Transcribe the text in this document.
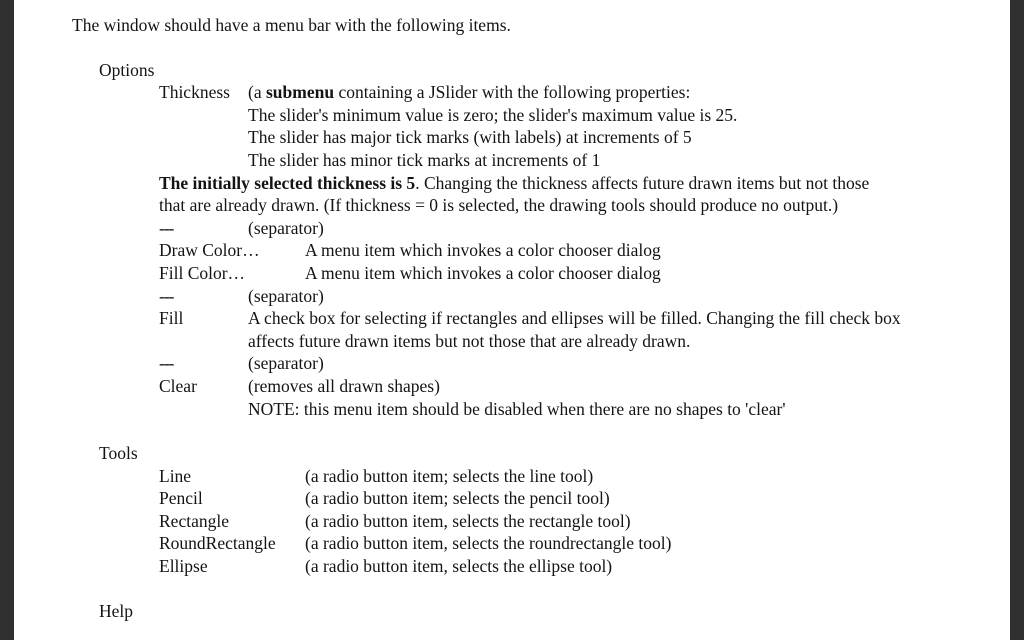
The window should have a menu bar with the following items.
Options
Thickness	(a submenu containing a JSlider with the following properties:
The slider's minimum value is zero; the slider's maximum value is 25.
The slider has major tick marks (with labels) at increments of 5
The slider has minor tick marks at increments of 1
The initially selected thickness is 5. Changing the thickness affects future drawn items but not those that are already drawn. (If thickness = 0 is selected, the drawing tools should produce no output.)
---	(separator)
Draw Color…	A menu item which invokes a color chooser dialog
Fill Color…	A menu item which invokes a color chooser dialog
---	(separator)
Fill	A check box for selecting if rectangles and ellipses will be filled. Changing the fill check box affects future drawn items but not those that are already drawn.
---	(separator)
Clear	(removes all drawn shapes)
NOTE: this menu item should be disabled when there are no shapes to 'clear'
Tools
Line	(a radio button item; selects the line tool)
Pencil	(a radio button item; selects the pencil tool)
Rectangle	(a radio button item, selects the rectangle tool)
RoundRectangle	(a radio button item, selects the roundrectangle tool)
Ellipse	(a radio button item, selects the ellipse tool)
Help
